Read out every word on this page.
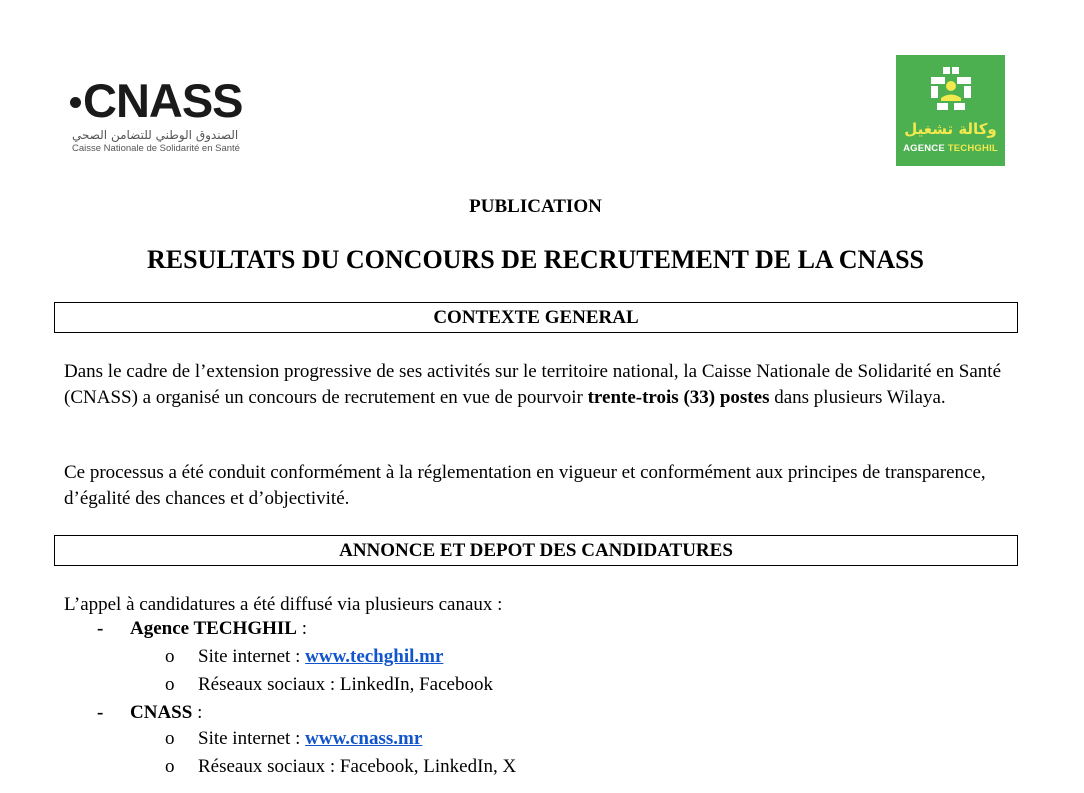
CNASS
الصندوق الوطني للتضامن الصحي
Caisse Nationale de Solidarité en Santé
وكالة تشغيل
AGENCE TECHGHIL
PUBLICATION
RESULTATS DU CONCOURS DE RECRUTEMENT DE LA CNASS
CONTEXTE GENERAL
Dans le cadre de l’extension progressive de ses activités sur le territoire national, la Caisse Nationale de Solidarité en Santé (CNASS) a organisé un concours de recrutement en vue de pourvoir trente-trois (33) postes dans plusieurs Wilaya.
Ce processus a été conduit conformément à la réglementation en vigueur et conformément aux principes de transparence, d’égalité des chances et d’objectivité.
ANNONCE ET DEPOT DES CANDIDATURES
L’appel à candidatures a été diffusé via plusieurs canaux :
- Agence TECHGHIL :
o Site internet : www.techghil.mr
o Réseaux sociaux : LinkedIn, Facebook
- CNASS :
o Site internet : www.cnass.mr
o Réseaux sociaux : Facebook, LinkedIn, X
